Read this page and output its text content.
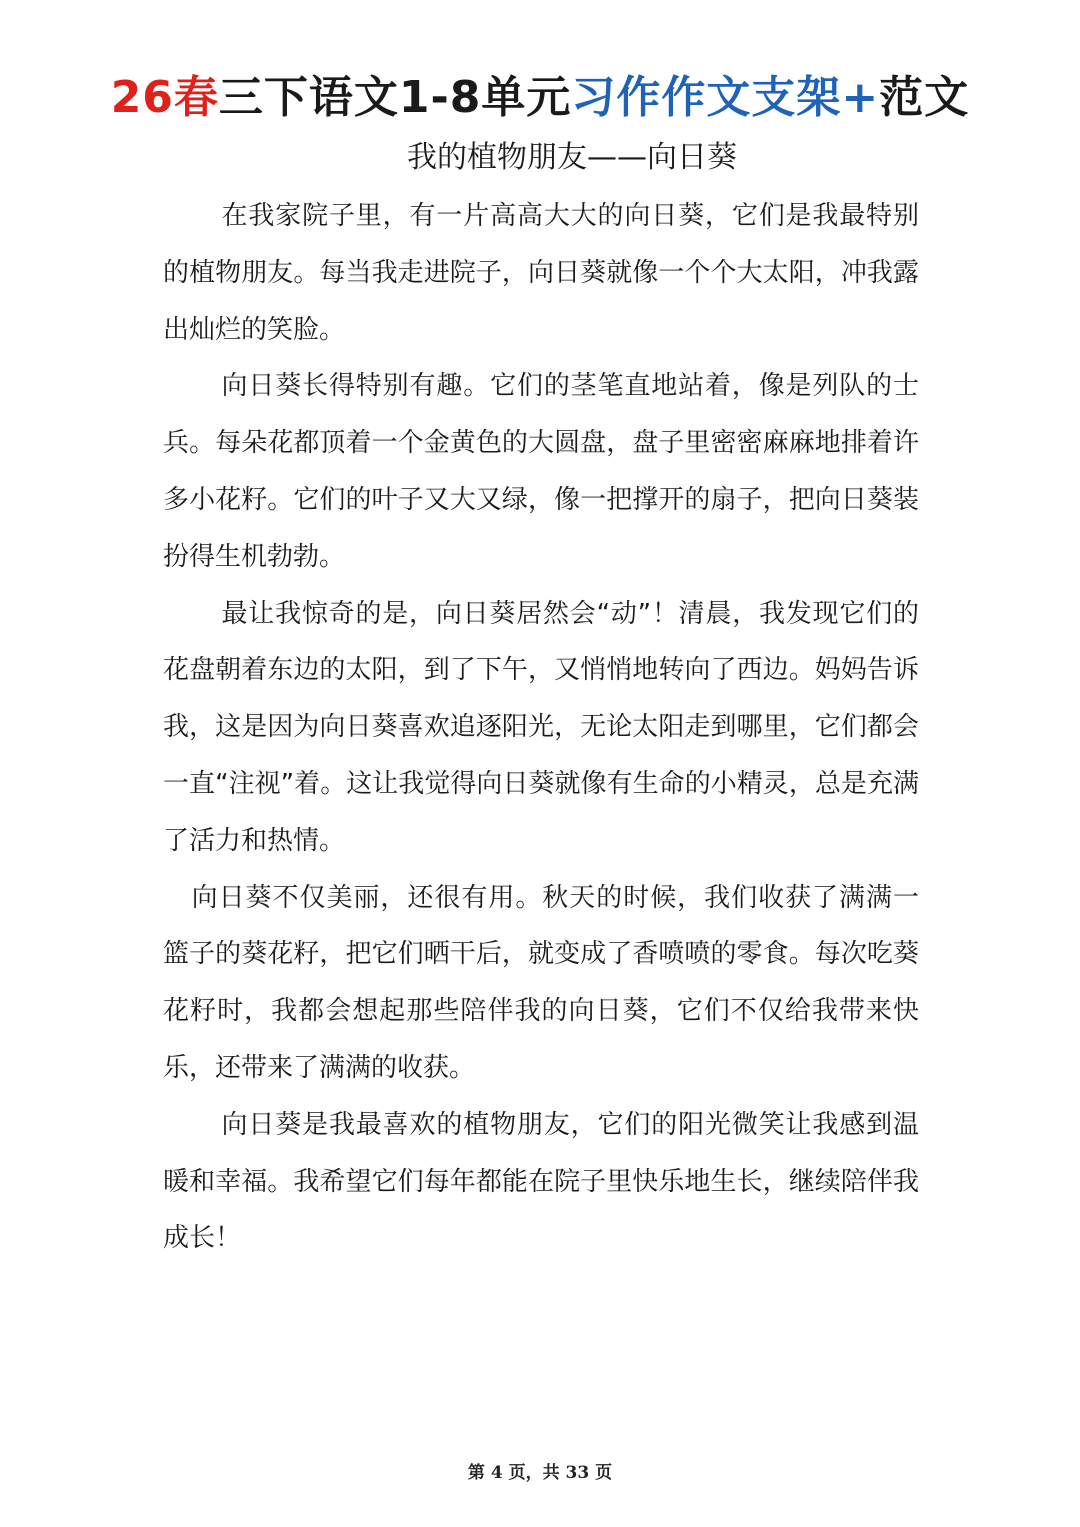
26春三下语文1-8单元习作作文支架+范文
我的植物朋友——向日葵

在我家院子里，有一片高高大大的向日葵，它们是我最特别的植物朋友。每当我走进院子，向日葵就像一个个大太阳，冲我露出灿烂的笑脸。

向日葵长得特别有趣。它们的茎笔直地站着，像是列队的士兵。每朵花都顶着一个金黄色的大圆盘，盘子里密密麻麻地排着许多小花籽。它们的叶子又大又绿，像一把撑开的扇子，把向日葵装扮得生机勃勃。

最让我惊奇的是，向日葵居然会“动”！清晨，我发现它们的花盘朝着东边的太阳，到了下午，又悄悄地转向了西边。妈妈告诉我，这是因为向日葵喜欢追逐阳光，无论太阳走到哪里，它们都会一直“注视”着。这让我觉得向日葵就像有生命的小精灵，总是充满了活力和热情。

向日葵不仅美丽，还很有用。秋天的时候，我们收获了满满一篮子的葵花籽，把它们晒干后，就变成了香喷喷的零食。每次吃葵花籽时，我都会想起那些陪伴我的向日葵，它们不仅给我带来快乐，还带来了满满的收获。

向日葵是我最喜欢的植物朋友，它们的阳光微笑让我感到温暖和幸福。我希望它们每年都能在院子里快乐地生长，继续陪伴我成长！

第 4 页，共 33 页
